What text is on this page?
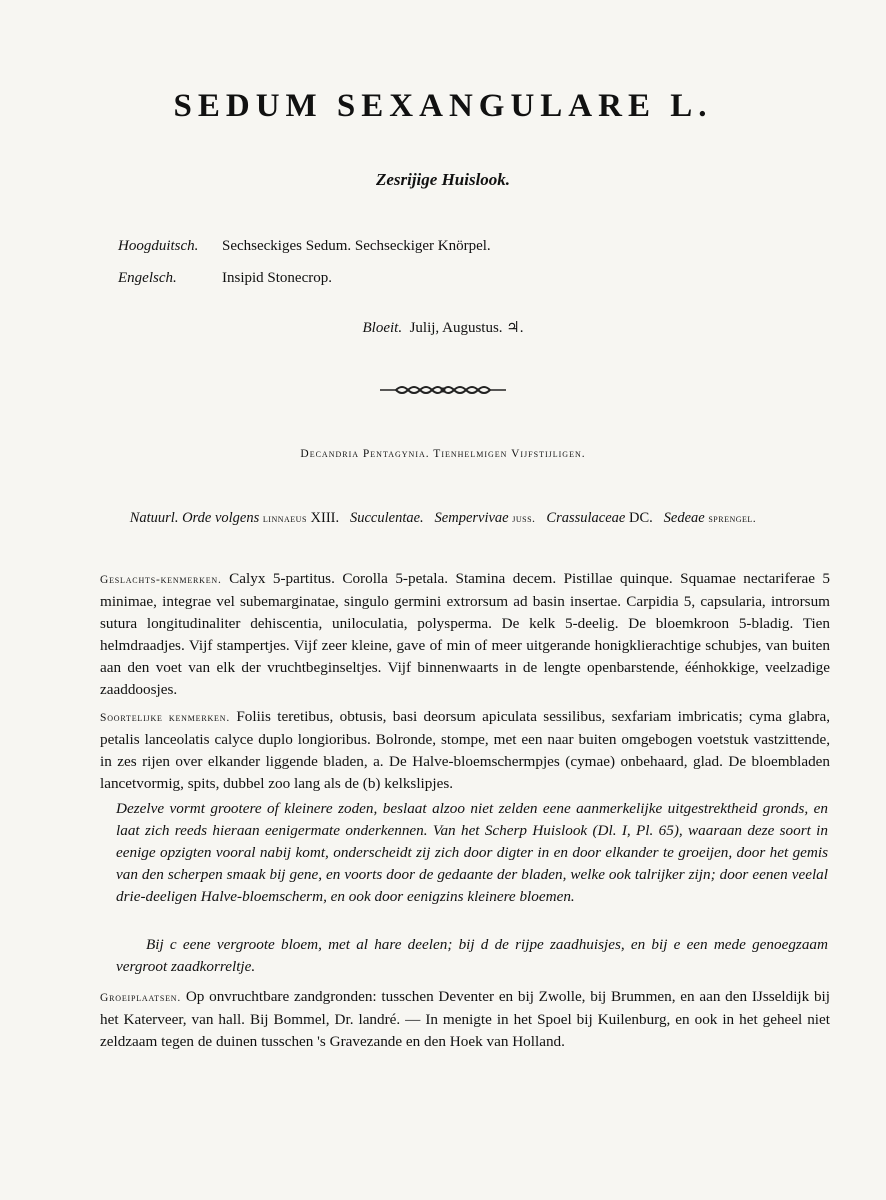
SEDUM SEXANGULARE L.
Zesrijige Huislook.
Hoogduitsch. Sechseckiges Sedum. Sechseckiger Knörpel.
Engelsch.	Insipid Stonecrop.
Bloeit. Julij, Augustus. ♃.
Decandria Pentagynia. Tienhelmigen Vijfstijligen.
Natuurl. Orde volgens linnaeus XIII. Succulentae. Sempervivae juss. Crassulaceae DC. Sedeae sprengel.
Geslachts-kenmerken. Calyx 5-partitus. Corolla 5-petala. Stamina decem. Pistillae quinque. Squamae nectariferae 5 minimae, integrae vel subemarginatae, singulo germini extrorsum ad basin insertae. Carpidia 5, capsularia, introrsum sutura longitudinaliter dehiscentia, uniloculatia, polysperma. De kelk 5-deelig. De bloemkroon 5-bladig. Tien helmdraadjes. Vijf stampertjes. Vijf zeer kleine, gave of min of meer uitgerande honigklierachtige schubjes, van buiten aan den voet van elk der vruchtbeginseltjes. Vijf binnenwaarts in de lengte openbarstende, éénhokkige, veelzadige zaaddoosjes.
Soortelijke kenmerken. Foliis teretibus, obtusis, basi deorsum apiculata sessilibus, sexfariam imbricatis; cyma glabra, petalis lanceolatis calyce duplo longioribus. Bolronde, stompe, met een naar buiten omgebogen voetstuk vastzittende, in zes rijen over elkander liggende bladen, a. De Halve-bloemschermpjes (cymae) onbehaard, glad. De bloembladen lancetvormig, spits, dubbel zoo lang als de (b) kelkslipjes.
Dezelve vormt grootere of kleinere zoden, beslaat alzoo niet zelden eene aanmerkelijke uitgestrektheid gronds, en laat zich reeds hieraan eenigermate onderkennen. Van het Scherp Huislook (Dl. I, Pl. 65), waaraan deze soort in eenige opzigten vooral nabij komt, onderscheidt zij zich door digter in en door elkander te groeijen, door het gemis van den scherpen smaak bij gene, en voorts door de gedaante der bladen, welke ook talrijker zijn; door eenen veelal drie-deeligen Halve-bloemscherm, en ook door eenigzins kleinere bloemen.
Bij c eene vergroote bloem, met al hare deelen; bij d de rijpe zaadhuisjes, en bij e een mede genoegzaam vergroot zaadkorreltje.
Groeiplaatsen. Op onvruchtbare zandgronden: tusschen Deventer en bij Zwolle, bij Brummen, en aan den IJsseldijk bij het Katerveer, van hall. Bij Bommel, Dr. landré. — In menigte in het Spoel bij Kuilenburg, en ook in het geheel niet zeldzaam tegen de duinen tusschen 's Gravezande en den Hoek van Holland.
